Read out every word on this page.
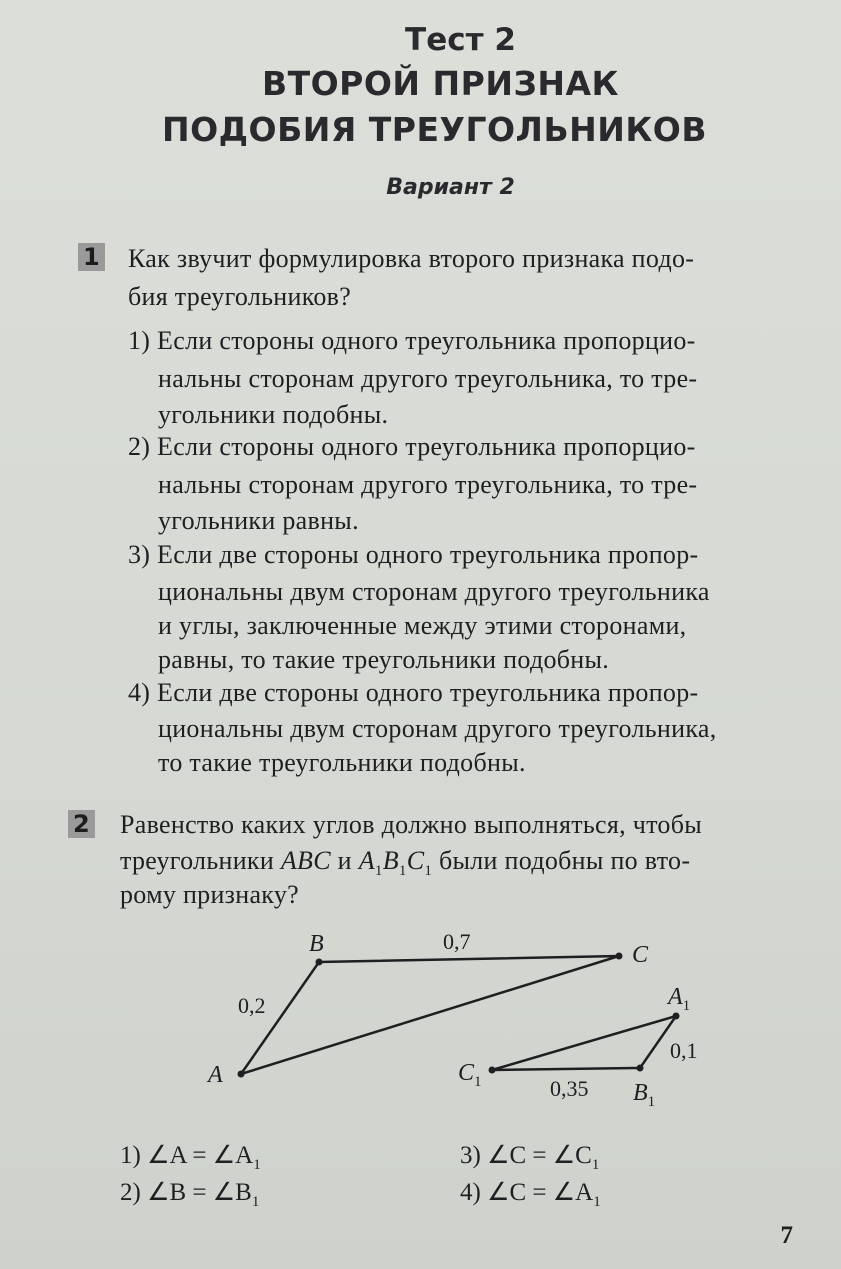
Тест 2
ВТОРОЙ ПРИЗНАК
ПОДОБИЯ ТРЕУГОЛЬНИКОВ
Вариант 2
1 Как звучит формулировка второго признака подо-
бия треугольников?
1) Если стороны одного треугольника пропорцио-
нальны сторонам другого треугольника, то тре-
угольники подобны.
2) Если стороны одного треугольника пропорцио-
нальны сторонам другого треугольника, то тре-
угольники равны.
3) Если две стороны одного треугольника пропор-
циональны двум сторонам другого треугольника
и углы, заключенные между этими сторонами,
равны, то такие треугольники подобны.
4) Если две стороны одного треугольника пропор-
циональны двум сторонам другого треугольника,
то такие треугольники подобны.
2 Равенство каких углов должно выполняться, чтобы
треугольники ABC и $A_1B_1C_1$ были подобны по вто-
рому признаку?
B	C
A
0,7
0,2	$A_1$
$C_1$	$B_1$
0,1
0,35
1) ∠A = $\angle A_1$
2) ∠B = $\angle B_1$
3) ∠C = $\angle C_1$
4) ∠C = $\angle A_1$
7
